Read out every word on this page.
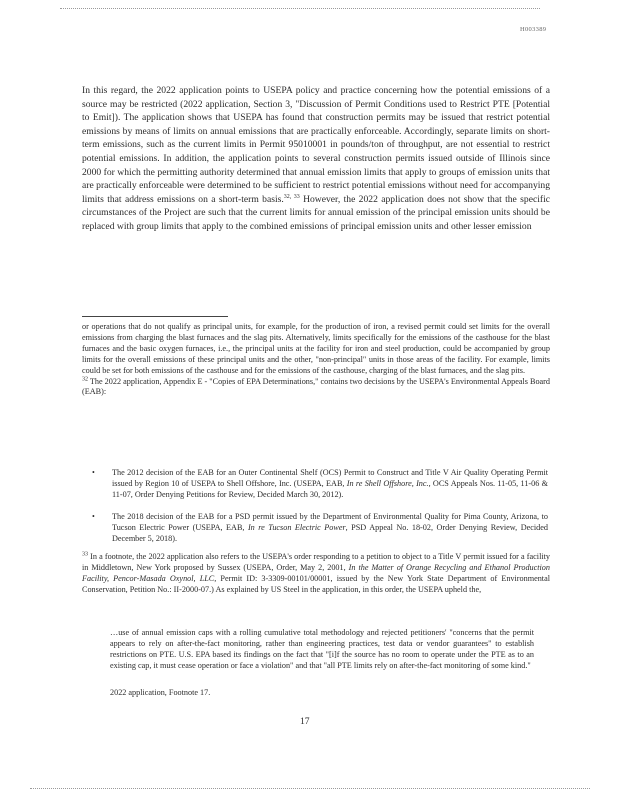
H003389

In this regard, the 2022 application points to USEPA policy and practice concerning how the potential emissions of a source may be restricted (2022 application, Section 3, "Discussion of Permit Conditions used to Restrict PTE [Potential to Emit]). The application shows that USEPA has found that construction permits may be issued that restrict potential emissions by means of limits on annual emissions that are practically enforceable. Accordingly, separate limits on short-term emissions, such as the current limits in Permit 95010001 in pounds/ton of throughput, are not essential to restrict potential emissions. In addition, the application points to several construction permits issued outside of Illinois since 2000 for which the permitting authority determined that annual emission limits that apply to groups of emission units that are practically enforceable were determined to be sufficient to restrict potential emissions without need for accompanying limits that address emissions on a short-term basis.$^{32, 33}$ However, the 2022 application does not show that the specific circumstances of the Project are such that the current limits for annual emission of the principal emission units should be replaced with group limits that apply to the combined emissions of principal emission units and other lesser emission

or operations that do not qualify as principal units, for example, for the production of iron, a revised permit could set limits for the overall emissions from charging the blast furnaces and the slag pits. Alternatively, limits specifically for the emissions of the casthouse for the blast furnaces and the basic oxygen furnaces, i.e., the principal units at the facility for iron and steel production, could be accompanied by group limits for the overall emissions of these principal units and the other, "non-principal" units in those areas of the facility. For example, limits could be set for both emissions of the casthouse and for the emissions of the casthouse, charging of the blast furnaces, and the slag pits.
$^{32}$ The 2022 application, Appendix E - "Copies of EPA Determinations," contains two decisions by the USEPA's Environmental Appeals Board (EAB):

•	The 2012 decision of the EAB for an Outer Continental Shelf (OCS) Permit to Construct and Title V Air Quality Operating Permit issued by Region 10 of USEPA to Shell Offshore, Inc. (USEPA, EAB, In re Shell Offshore, Inc., OCS Appeals Nos. 11-05, 11-06 & 11-07, Order Denying Petitions for Review, Decided March 30, 2012).

•	The 2018 decision of the EAB for a PSD permit issued by the Department of Environmental Quality for Pima County, Arizona, to Tucson Electric Power (USEPA, EAB, In re Tucson Electric Power, PSD Appeal No. 18-02, Order Denying Review, Decided December 5, 2018).

$^{33}$ In a footnote, the 2022 application also refers to the USEPA's order responding to a petition to object to a Title V permit issued for a facility in Middletown, New York proposed by Sussex (USEPA, Order, May 2, 2001, In the Matter of Orange Recycling and Ethanol Production Facility, Pencor-Masada Oxynol, LLC, Permit ID: 3-3309-00101/00001, issued by the New York State Department of Environmental Conservation, Petition No.: II-2000-07.) As explained by US Steel in the application, in this order, the USEPA upheld the,

…use of annual emission caps with a rolling cumulative total methodology and rejected petitioners' "concerns that the permit appears to rely on after-the-fact monitoring, rather than engineering practices, test data or vendor guarantees" to establish restrictions on PTE. U.S. EPA based its findings on the fact that "[i]f the source has no room to operate under the PTE as to an existing cap, it must cease operation or face a violation" and that "all PTE limits rely on after-the-fact monitoring of some kind."

2022 application, Footnote 17.

17
